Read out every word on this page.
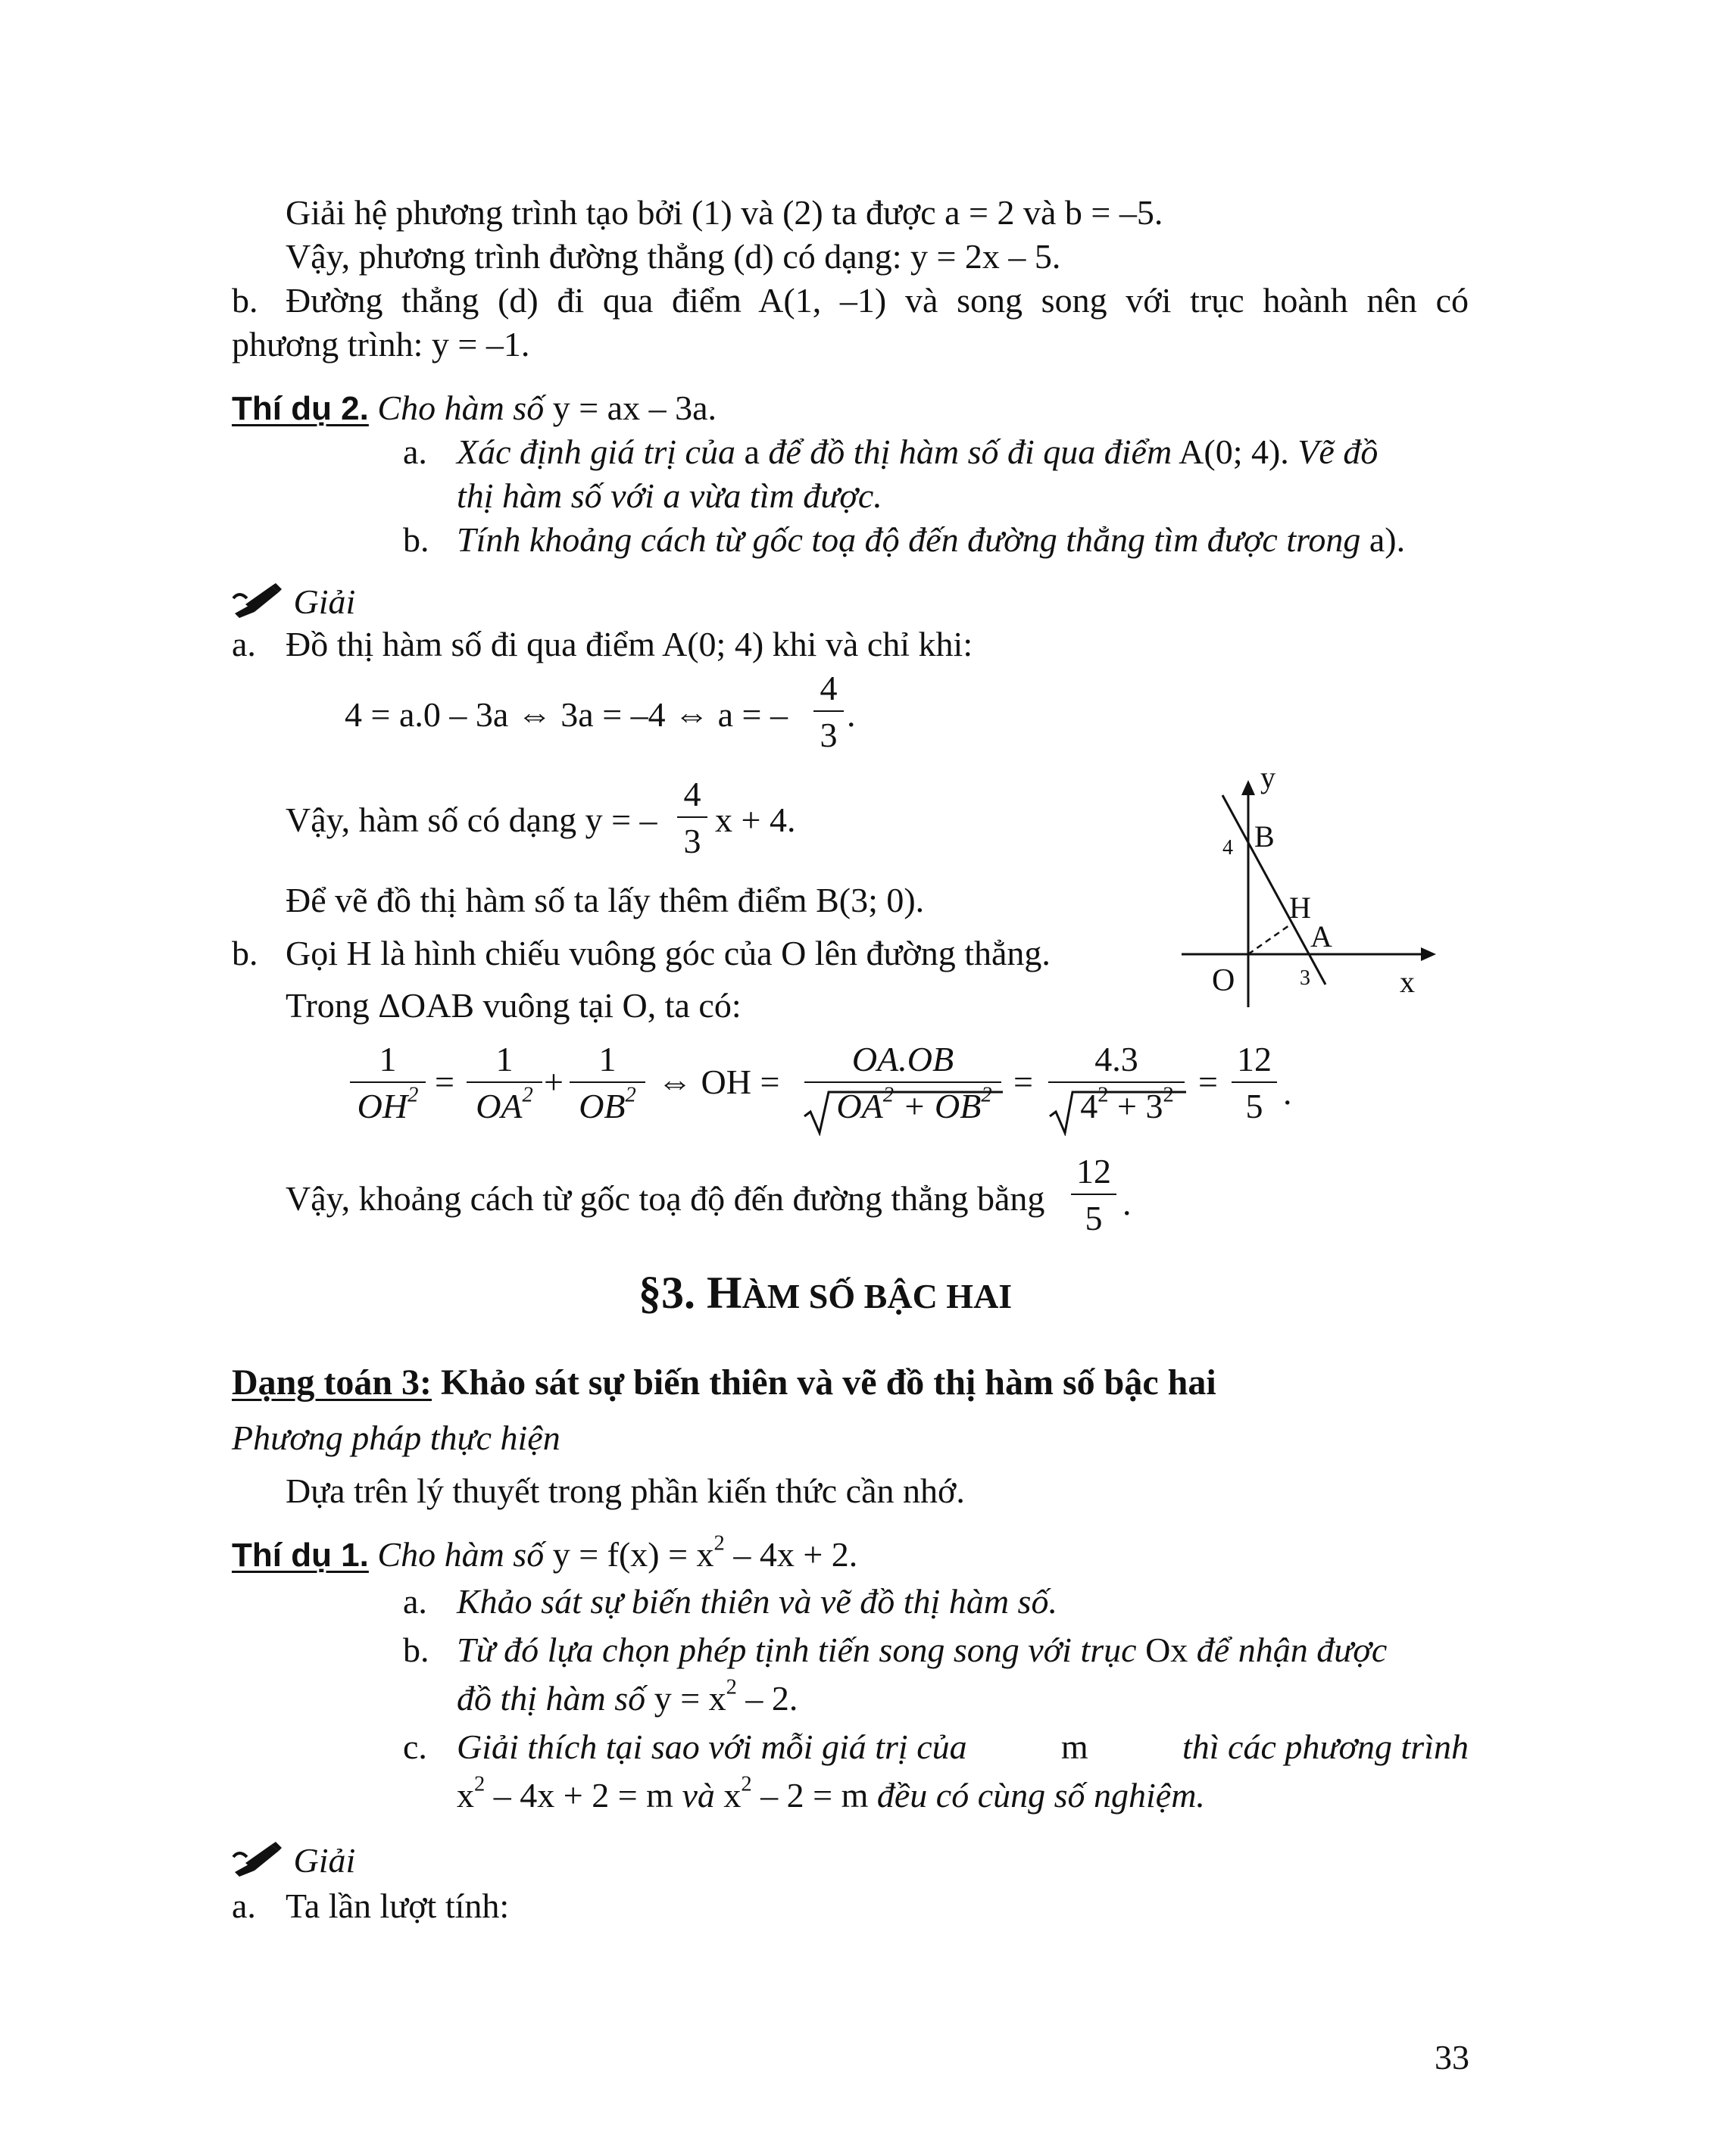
Giải hệ phương trình tạo bởi (1) và (2) ta được a = 2 và b = –5.
Vậy, phương trình đường thẳng (d) có dạng: y = 2x – 5.
b. Đường thẳng (d) đi qua điểm A(1, –1) và song song với trục hoành nên có
phương trình: y = –1.
Thí dụ 2. Cho hàm số y = ax – 3a.
a. Xác định giá trị của a để đồ thị hàm số đi qua điểm A(0; 4). Vẽ đồ
thị hàm số với a vừa tìm được.
b. Tính khoảng cách từ gốc toạ độ đến đường thẳng tìm được trong a).
Giải
a. Đồ thị hàm số đi qua điểm A(0; 4) khi và chỉ khi:
4 = a.0 – 3a ⇔ 3a = –4 ⇔ a = –
4
3
.
Vậy, hàm số có dạng y = –
4
3
x + 4.
Để vẽ đồ thị hàm số ta lấy thêm điểm B(3; 0).
b. Gọi H là hình chiếu vuông góc của O lên đường thẳng.
Trong ΔOAB vuông tại O, ta có:
1
$OH^2$ =
1
$OA^2$ +
1
$OB^2$ ⇔ OH =
OA.OB
$OA^2 + OB^2$ =
4.3
$4^2 + 3^2$ =
12
5 .
Vậy, khoảng cách từ gốc toạ độ đến đường thẳng bằng
12
5 .
y
x
O
B
H
A
4
3
§3. HÀM SỐ BẬC HAI
Dạng toán 3: Khảo sát sự biến thiên và vẽ đồ thị hàm số bậc hai
Phương pháp thực hiện
Dựa trên lý thuyết trong phần kiến thức cần nhớ.
Thí dụ 1. Cho hàm số $y = f(x) = x^2 - 4x + 2$.
a. Khảo sát sự biến thiên và vẽ đồ thị hàm số.
b. Từ đó lựa chọn phép tịnh tiến song song với trục Ox để nhận được
đồ thị hàm số $y = x^2 - 2$.
c. Giải thích tại sao với mỗi giá trị của	m	thì các phương trình
$x^2 - 4x + 2 = m$ và $x^2 - 2 = m$ đều có cùng số nghiệm.
Giải
a. Ta lần lượt tính:
33
